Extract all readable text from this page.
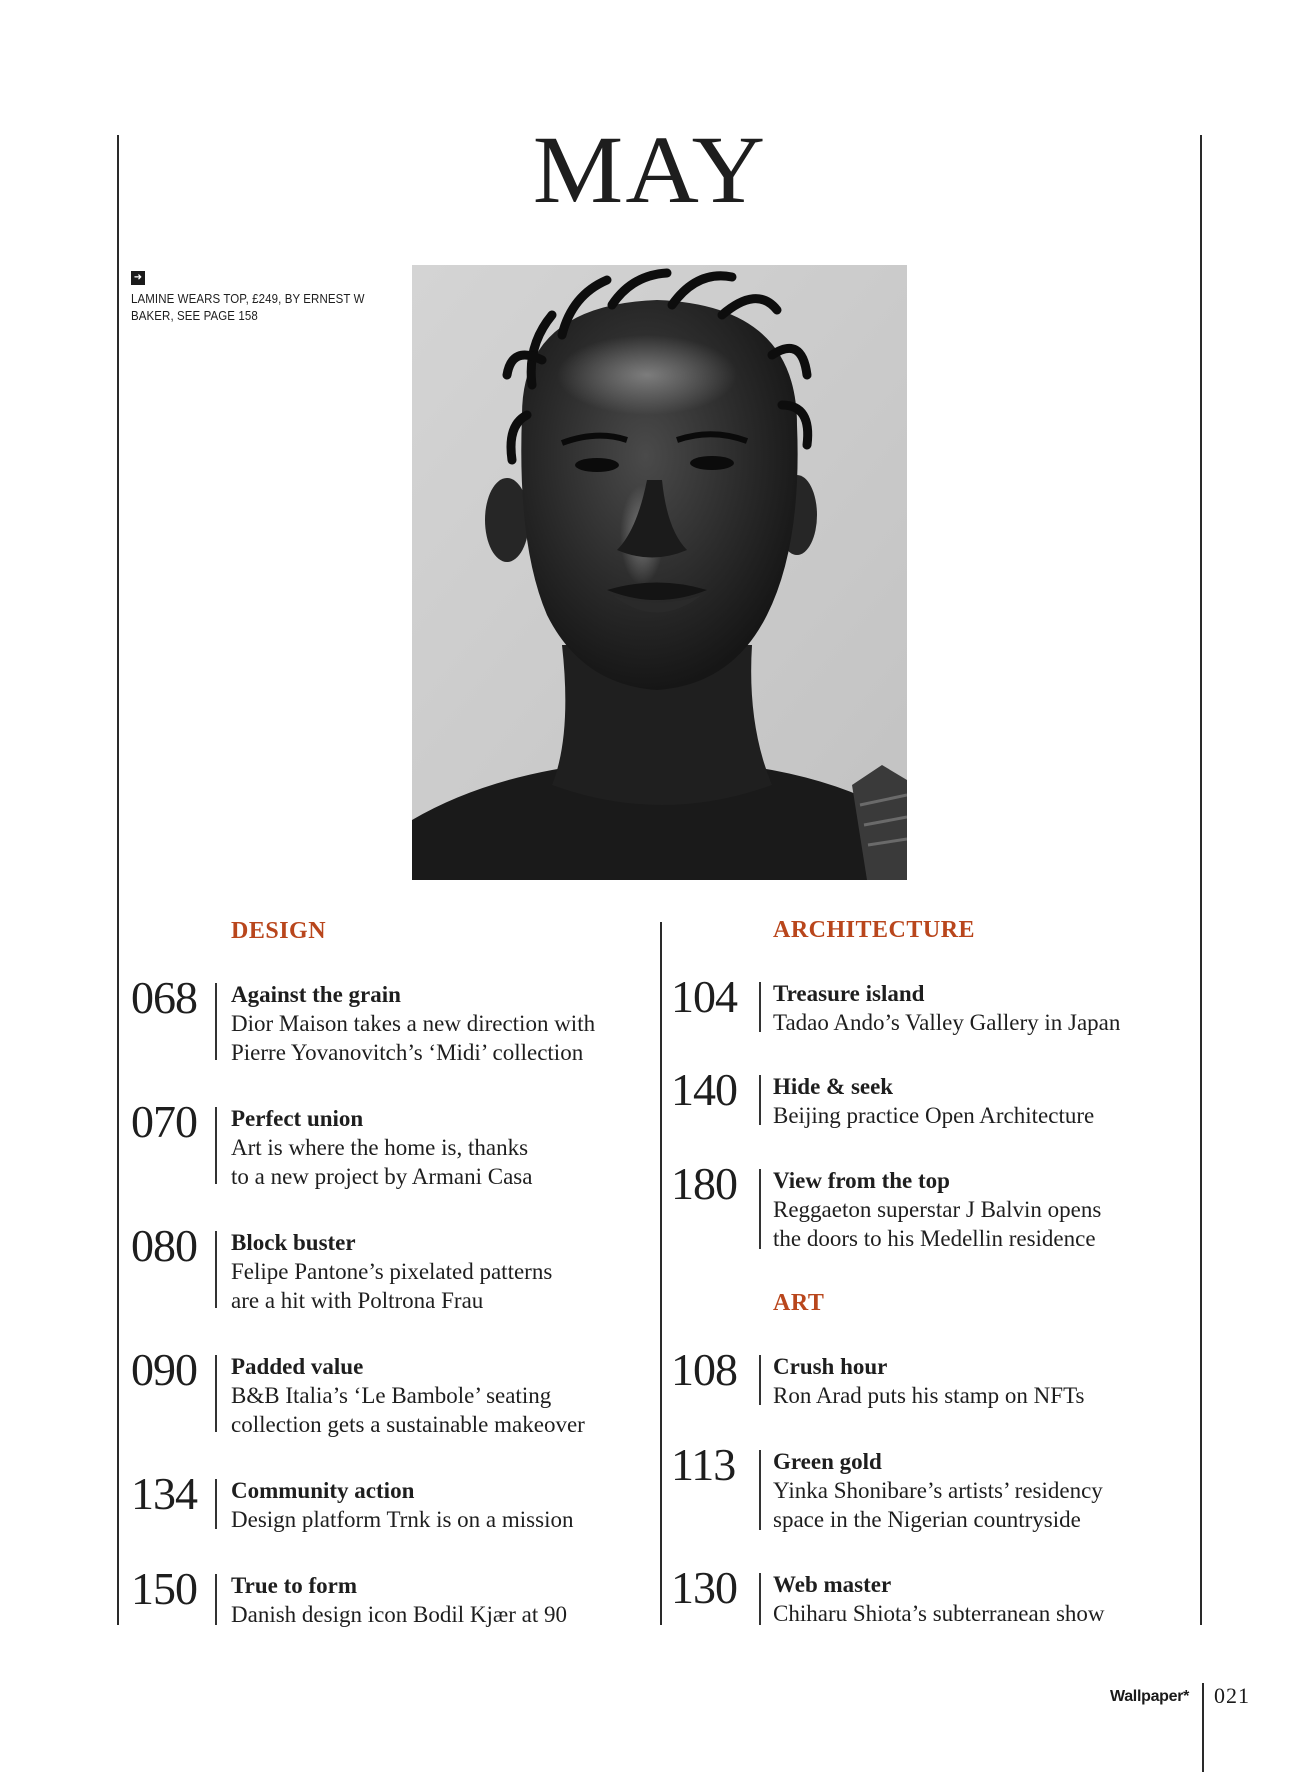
MAY
➜
LAMINE WEARS TOP, £249, BY ERNEST W BAKER, SEE PAGE 158
DESIGN
068 Against the grain
Dior Maison takes a new direction with
Pierre Yovanovitch’s ‘Midi’ collection
070 Perfect union
Art is where the home is, thanks
to a new project by Armani Casa
080 Block buster
Felipe Pantone’s pixelated patterns
are a hit with Poltrona Frau
090 Padded value
B&B Italia’s ‘Le Bambole’ seating
collection gets a sustainable makeover
134 Community action
Design platform Trnk is on a mission
150 True to form
Danish design icon Bodil Kjær at 90
ARCHITECTURE
104 Treasure island
Tadao Ando’s Valley Gallery in Japan
140 Hide & seek
Beijing practice Open Architecture
180 View from the top
Reggaeton superstar J Balvin opens
the doors to his Medellin residence
ART
108 Crush hour
Ron Arad puts his stamp on NFTs
113 Green gold
Yinka Shonibare’s artists’ residency
space in the Nigerian countryside
130 Web master
Chiharu Shiota’s subterranean show
Wallpaper* 021
